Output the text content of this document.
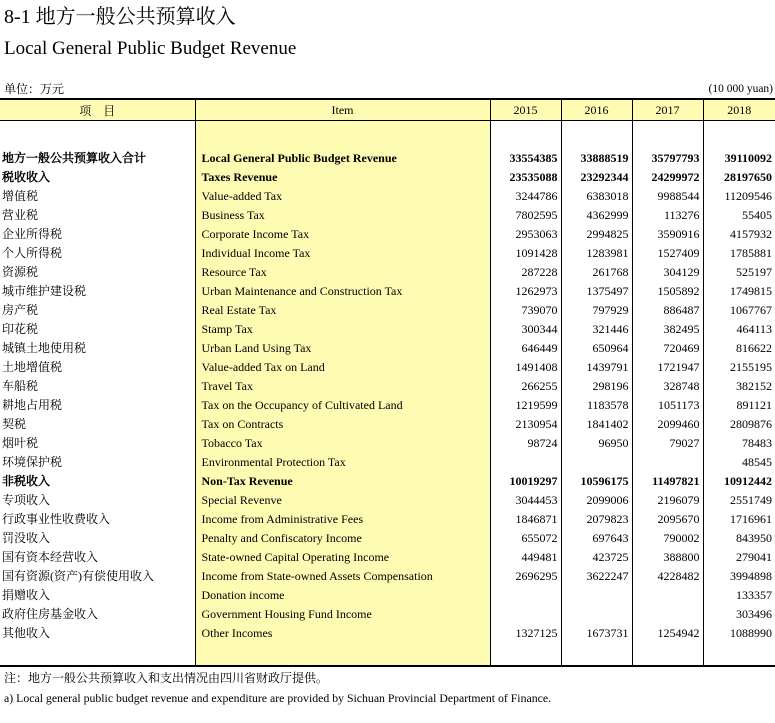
8-1 地方一般公共预算收入
Local General Public Budget Revenue
单位：万元	(10 000 yuan)
项　目	Item	2015	2016	2017	2018

地方一般公共预算收入合计	Local General Public Budget Revenue	33554385	33888519	35797793	39110092
税收收入	Taxes Revenue	23535088	23292344	24299972	28197650
增值税	Value-added Tax	3244786	6383018	9988544	11209546
营业税	Business Tax	7802595	4362999	113276	55405
企业所得税	Corporate Income Tax	2953063	2994825	3590916	4157932
个人所得税	Individual Income Tax	1091428	1283981	1527409	1785881
资源税	Resource Tax	287228	261768	304129	525197
城市维护建设税	Urban Maintenance and Construction Tax	1262973	1375497	1505892	1749815
房产税	Real Estate Tax	739070	797929	886487	1067767
印花税	Stamp Tax	300344	321446	382495	464113
城镇土地使用税	Urban Land Using Tax	646449	650964	720469	816622
土地增值税	Value-added Tax on Land	1491408	1439791	1721947	2155195
车船税	Travel Tax	266255	298196	328748	382152
耕地占用税	Tax on the Occupancy of Cultivated Land	1219599	1183578	1051173	891121
契税	Tax on Contracts	2130954	1841402	2099460	2809876
烟叶税	Tobacco Tax	98724	96950	79027	78483
环境保护税	Environmental Protection Tax				48545
非税收入	Non-Tax Revenue	10019297	10596175	11497821	10912442
专项收入	Special Revenve	3044453	2099006	2196079	2551749
行政事业性收费收入	Income from Administrative Fees	1846871	2079823	2095670	1716961
罚没收入	Penalty and Confiscatory Income	655072	697643	790002	843950
国有资本经营收入	State-owned Capital Operating Income	449481	423725	388800	279041
国有资源(资产)有偿使用收入	Income from State-owned Assets Compensation	2696295	3622247	4228482	3994898
捐赠收入	Donation income				133357
政府住房基金收入	Government Housing Fund Income				303496
其他收入	Other Incomes	1327125	1673731	1254942	1088990

注：地方一般公共预算收入和支出情况由四川省财政厅提供。
a) Local general public budget revenue and expenditure are provided by Sichuan Provincial Department of Finance.
